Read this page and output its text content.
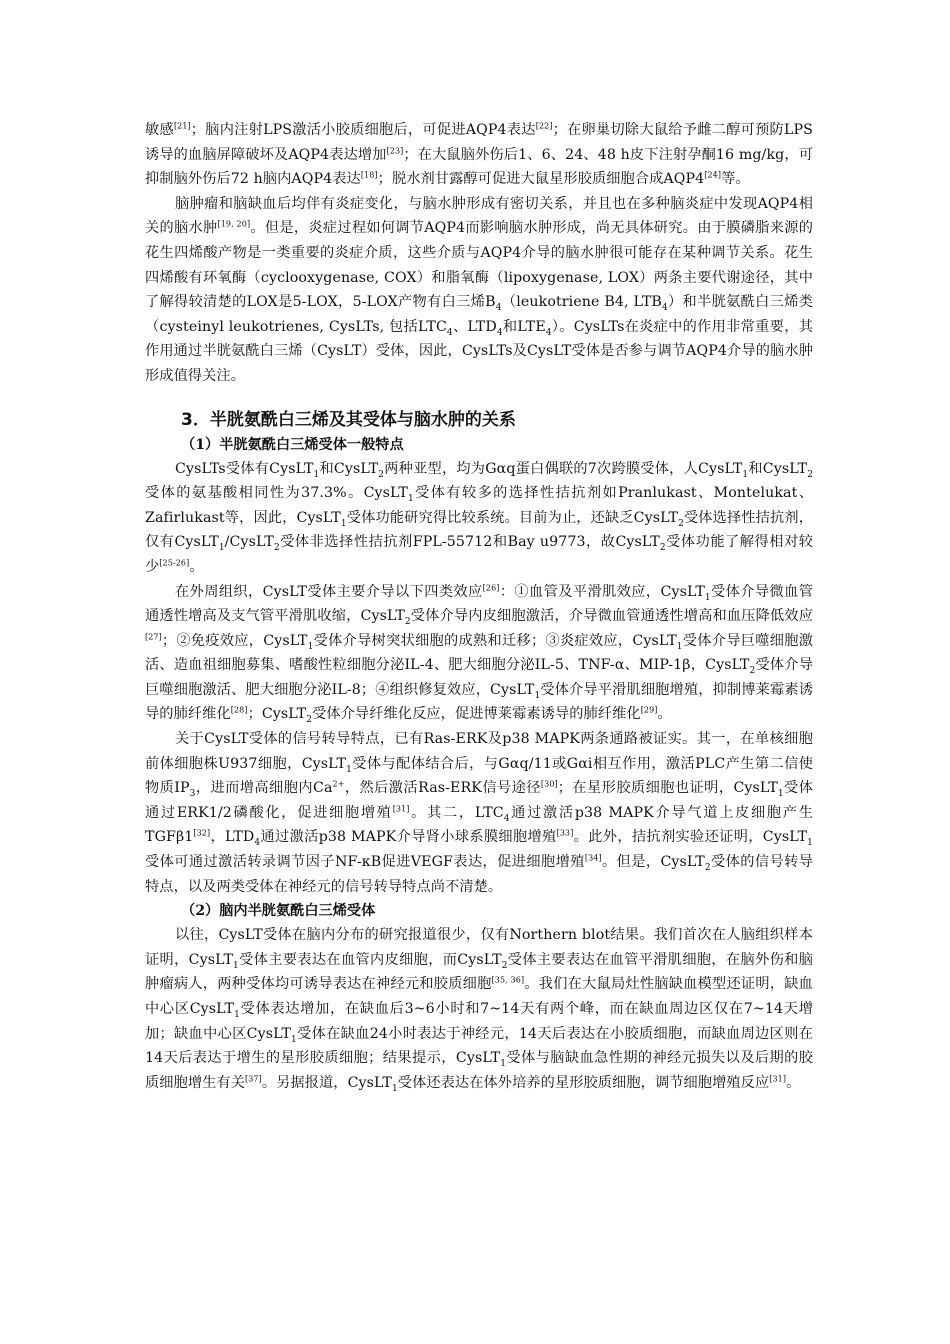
敏感[21]；脑内注射LPS激活小胶质细胞后，可促进AQP4表达[22]；在卵巢切除大鼠给予雌二醇可预防LPS诱导的血脑屏障破坏及AQP4表达增加[23]；在大鼠脑外伤后1、6、24、48 h皮下注射孕酮16 mg/kg，可抑制脑外伤后72 h脑内AQP4表达[18]；脱水剂甘露醇可促进大鼠星形胶质细胞合成AQP4[24]等。

脑肿瘤和脑缺血后均伴有炎症变化，与脑水肿形成有密切关系，并且也在多种脑炎症中发现AQP4相关的脑水肿[19, 20]。但是，炎症过程如何调节AQP4而影响脑水肿形成，尚无具体研究。由于膜磷脂来源的花生四烯酸产物是一类重要的炎症介质，这些介质与AQP4介导的脑水肿很可能存在某种调节关系。花生四烯酸有环氧酶（cyclooxygenase, COX）和脂氧酶（lipoxygenase, LOX）两条主要代谢途径，其中了解得较清楚的LOX是5-LOX，5-LOX产物有白三烯$B_4(leukotriene$ B4, $LTB_4$）和半胱氨酰白三烯类（cysteinyl leukotrienes, CysLTs, 包括$LTC_4$、$LTD_4$和$LTE_4$）。CysLTs在炎症中的作用非常重要，其作用通过半胱氨酰白三烯（CysLT）受体，因此，CysLTs及CysLT受体是否参与调节AQP4介导的脑水肿形成值得关注。

3．半胱氨酰白三烯及其受体与脑水肿的关系
（1）半胱氨酰白三烯受体一般特点

CysLTs受体有CysLT$_1$和CysLT$_2$两种亚型，均为Gαq蛋白偶联的7次跨膜受体，人CysLT$_1$和CysLT$_2$受体的氨基酸相同性为37.3%。CysLT$_1$受体有较多的选择性拮抗剂如Pranlukast、Montelukat、Zafirlukast等，因此，CysLT$_1$受体功能研究得比较系统。目前为止，还缺乏CysLT$_2$受体选择性拮抗剂，仅有CysLT$_1$/CysLT$_2$受体非选择性拮抗剂FPL-55712和Bay u9773，故CysLT$_2$受体功能了解得相对较少[25-26]。

在外周组织，CysLT受体主要介导以下四类效应[26]：①血管及平滑肌效应，CysLT$_1$受体介导微血管通透性增高及支气管平滑肌收缩，CysLT$_2$受体介导内皮细胞激活，介导微血管通透性增高和血压降低效应[27]；②免疫效应，CysLT$_1$受体介导树突状细胞的成熟和迁移；③炎症效应，CysLT$_1$受体介导巨噬细胞激活、造血祖细胞募集、嗜酸性粒细胞分泌IL-4、肥大细胞分泌IL-5、TNF-α、MIP-1β，CysLT$_2$受体介导巨噬细胞激活、肥大细胞分泌IL-8；④组织修复效应，CysLT$_1$受体介导平滑肌细胞增殖，抑制博莱霉素诱导的肺纤维化[28]；CysLT$_2$受体介导纤维化反应，促进博莱霉素诱导的肺纤维化[29]。

关于CysLT受体的信号转导特点，已有Ras-ERK及p38 MAPK两条通路被证实。其一，在单核细胞前体细胞株U937细胞，CysLT$_1$受体与配体结合后，与Gαq/11或Gαi相互作用，激活PLC产生第二信使物质$IP_3$，进而增高细胞内$Ca^{2+}$，然后激活Ras-ERK信号途径[30]；在星形胶质细胞也证明，CysLT$_1$受体通过ERK1/2磷酸化，促进细胞增殖[31]。其二，$LTC_4$通过激活p38 MAPK介导气道上皮细胞产生TGFβ1[32]，$LTD_4$通过激活p38 MAPK介导肾小球系膜细胞增殖[33]。此外，拮抗剂实验还证明，CysLT$_1$受体可通过激活转录调节因子NF-κB促进VEGF表达，促进细胞增殖[34]。但是，CysLT$_2$受体的信号转导特点，以及两类受体在神经元的信号转导特点尚不清楚。

（2）脑内半胱氨酰白三烯受体

以往，CysLT受体在脑内分布的研究报道很少，仅有Northern blot结果。我们首次在人脑组织样本证明，CysLT$_1$受体主要表达在血管内皮细胞，而CysLT$_2$受体主要表达在血管平滑肌细胞，在脑外伤和脑肿瘤病人，两种受体均可诱导表达在神经元和胶质细胞[35, 36]。我们在大鼠局灶性脑缺血模型还证明，缺血中心区CysLT$_1$受体表达增加，在缺血后3~6小时和7~14天有两个峰，而在缺血周边区仅在7~14天增加；缺血中心区CysLT$_1$受体在缺血24小时表达于神经元，14天后表达在小胶质细胞，而缺血周边区则在14天后表达于增生的星形胶质细胞；结果提示，CysLT$_1$受体与脑缺血急性期的神经元损失以及后期的胶质细胞增生有关[37]。另据报道，CysLT$_1$受体还表达在体外培养的星形胶质细胞，调节细胞增殖反应[31]。
